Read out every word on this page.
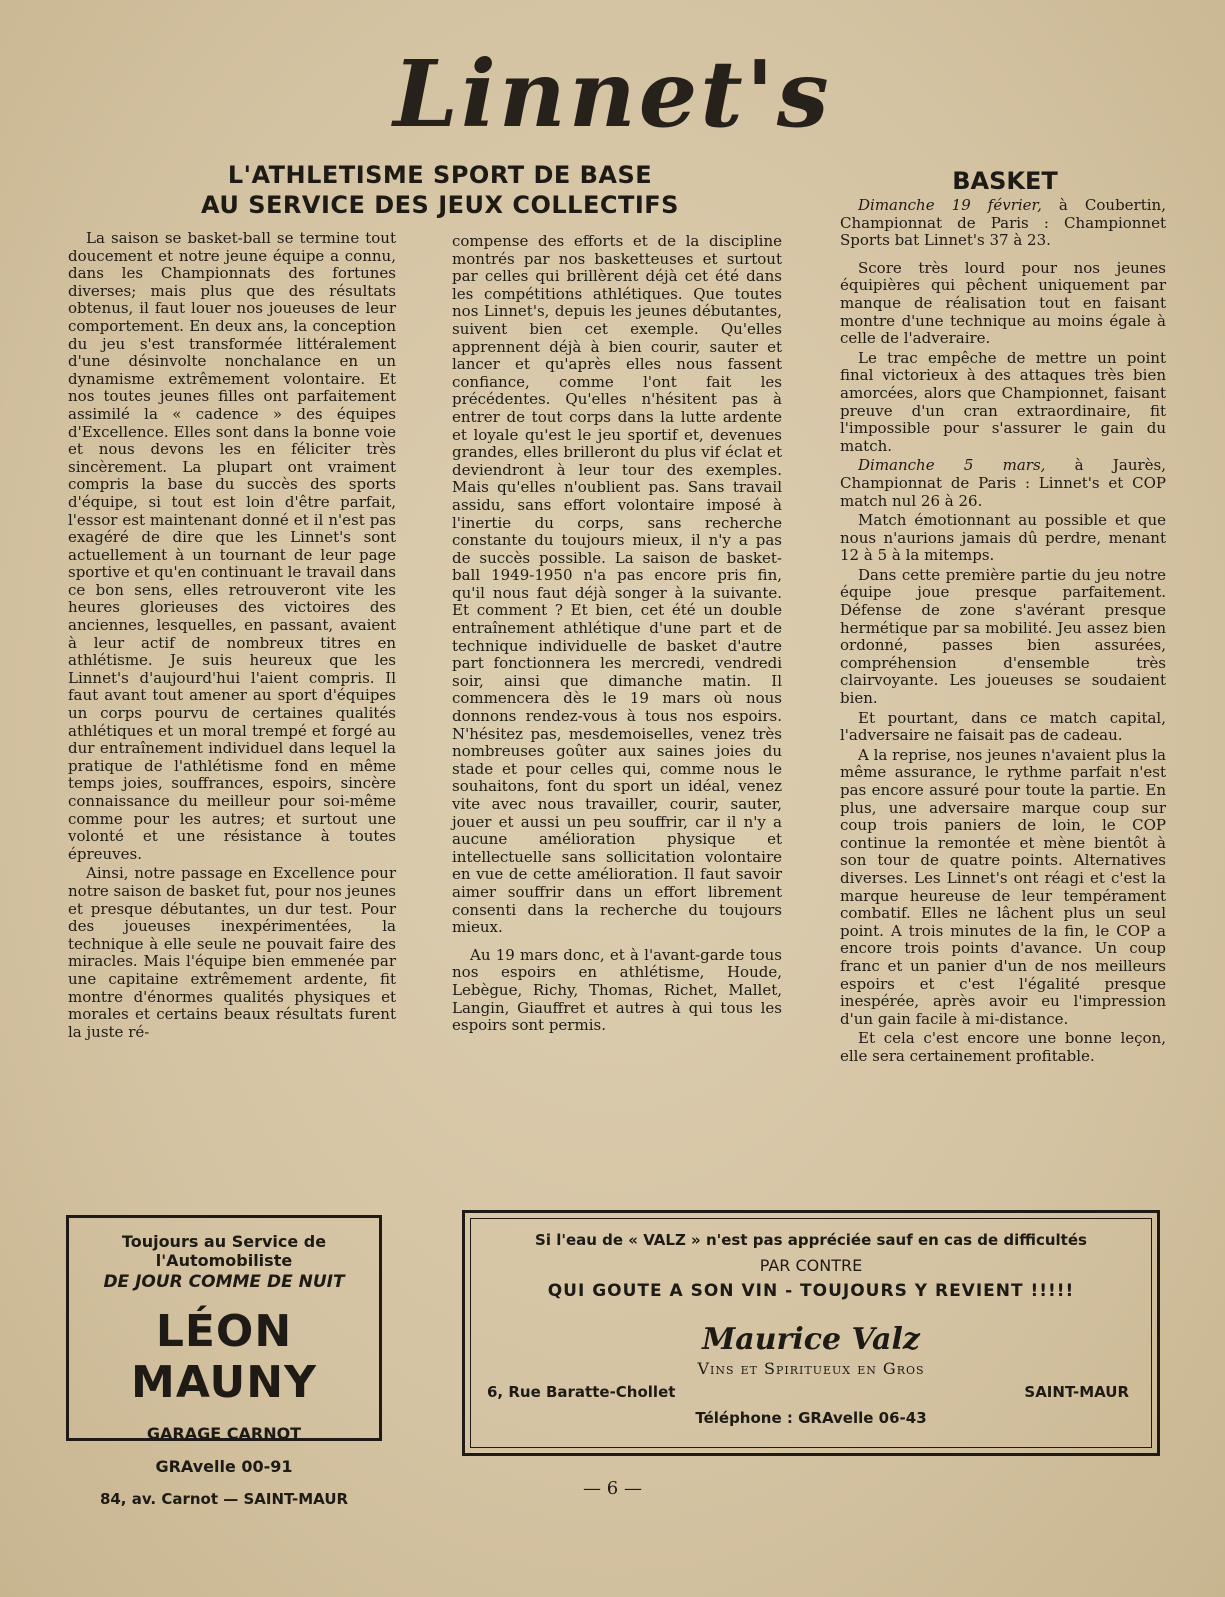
Linnet's
L'ATHLETISME SPORT DE BASE
AU SERVICE DES JEUX COLLECTIFS

La saison se basket-ball se termine tout doucement et notre jeune équipe a connu, dans les Championnats des fortunes diverses; mais plus que des résultats obtenus, il faut louer nos joueuses de leur comportement. En deux ans, la conception du jeu s'est transformée littéralement d'une désinvolte nonchalance en un dynamisme extrêmement volontaire. Et nos toutes jeunes filles ont parfaitement assimilé la « cadence » des équipes d'Excellence. Elles sont dans la bonne voie et nous devons les en féliciter très sincèrement. La plupart ont vraiment compris la base du succès des sports d'équipe, si tout est loin d'être parfait, l'essor est maintenant donné et il n'est pas exagéré de dire que les Linnet's sont actuellement à un tournant de leur page sportive et qu'en continuant le travail dans ce bon sens, elles retrouveront vite les heures glorieuses des victoires des anciennes, lesquelles, en passant, avaient à leur actif de nombreux titres en athlétisme. Je suis heureux que les Linnet's d'aujourd'hui l'aient compris. Il faut avant tout amener au sport d'équipes un corps pourvu de certaines qualités athlétiques et un moral trempé et forgé au dur entraînement individuel dans lequel la pratique de l'athlétisme fond en même temps joies, souffrances, espoirs, sincère connaissance du meilleur pour soi-même comme pour les autres; et surtout une volonté et une résistance à toutes épreuves.

Ainsi, notre passage en Excellence pour notre saison de basket fut, pour nos jeunes et presque débutantes, un dur test. Pour des joueuses inexpérimentées, la technique à elle seule ne pouvait faire des miracles. Mais l'équipe bien emmenée par une capitaine extrêmement ardente, fit montre d'énormes qualités physiques et morales et certains beaux résultats furent la juste ré-

compense des efforts et de la discipline montrés par nos basketteuses et surtout par celles qui brillèrent déjà cet été dans les compétitions athlétiques. Que toutes nos Linnet's, depuis les jeunes débutantes, suivent bien cet exemple. Qu'elles apprennent déjà à bien courir, sauter et lancer et qu'après elles nous fassent confiance, comme l'ont fait les précédentes. Qu'elles n'hésitent pas à entrer de tout corps dans la lutte ardente et loyale qu'est le jeu sportif et, devenues grandes, elles brilleront du plus vif éclat et deviendront à leur tour des exemples. Mais qu'elles n'oublient pas. Sans travail assidu, sans effort volontaire imposé à l'inertie du corps, sans recherche constante du toujours mieux, il n'y a pas de succès possible. La saison de basket-ball 1949-1950 n'a pas encore pris fin, qu'il nous faut déjà songer à la suivante. Et comment ? Et bien, cet été un double entraînement athlétique d'une part et de technique individuelle de basket d'autre part fonctionnera les mercredi, vendredi soir, ainsi que dimanche matin. Il commencera dès le 19 mars où nous donnons rendez-vous à tous nos espoirs. N'hésitez pas, mesdemoiselles, venez très nombreuses goûter aux saines joies du stade et pour celles qui, comme nous le souhaitons, font du sport un idéal, venez vite avec nous travailler, courir, sauter, jouer et aussi un peu souffrir, car il n'y a aucune amélioration physique et intellectuelle sans sollicitation volontaire en vue de cette amélioration. Il faut savoir aimer souffrir dans un effort librement consenti dans la recherche du toujours mieux.

Au 19 mars donc, et à l'avant-garde tous nos espoirs en athlétisme, Houde, Lebègue, Richy, Thomas, Richet, Mallet, Langin, Giauffret et autres à qui tous les espoirs sont permis.

BASKET

Dimanche 19 février, à Coubertin, Championnat de Paris : Championnet Sports bat Linnet's 37 à 23.

Score très lourd pour nos jeunes équipières qui pêchent uniquement par manque de réalisation tout en faisant montre d'une technique au moins égale à celle de l'adveraire.

Le trac empêche de mettre un point final victorieux à des attaques très bien amorcées, alors que Championnet, faisant preuve d'un cran extraordinaire, fit l'impossible pour s'assurer le gain du match.

Dimanche 5 mars, à Jaurès, Championnat de Paris : Linnet's et COP match nul 26 à 26.

Match émotionnant au possible et que nous n'aurions jamais dû perdre, menant 12 à 5 à la mitemps.

Dans cette première partie du jeu notre équipe joue presque parfaitement. Défense de zone s'avérant presque hermétique par sa mobilité. Jeu assez bien ordonné, passes bien assurées, compréhension d'ensemble très clairvoyante. Les joueuses se soudaient bien.

Et pourtant, dans ce match capital, l'adversaire ne faisait pas de cadeau.

A la reprise, nos jeunes n'avaient plus la même assurance, le rythme parfait n'est pas encore assuré pour toute la partie. En plus, une adversaire marque coup sur coup trois paniers de loin, le COP continue la remontée et mène bientôt à son tour de quatre points. Alternatives diverses. Les Linnet's ont réagi et c'est la marque heureuse de leur tempérament combatif. Elles ne lâchent plus un seul point. A trois minutes de la fin, le COP a encore trois points d'avance. Un coup franc et un panier d'un de nos meilleurs espoirs et c'est l'égalité presque inespérée, après avoir eu l'impression d'un gain facile à mi-distance.

Et cela c'est encore une bonne leçon, elle sera certainement profitable.

Toujours au Service de l'Automobiliste
DE JOUR COMME DE NUIT
LÉON MAUNY
GARAGE CARNOT
GRAvelle 00-91
84, av. Carnot — SAINT-MAUR
Si l'eau de « VALZ » n'est pas appréciée sauf en cas de difficultés
PAR CONTRE
QUI GOUTE A SON VIN - TOUJOURS Y REVIENT !!!!!
Maurice Valz
Vins et Spiritueux en Gros
6, Rue Baratte-Chollet	SAINT-MAUR
Téléphone : GRAvelle 06-43
— 6 —
